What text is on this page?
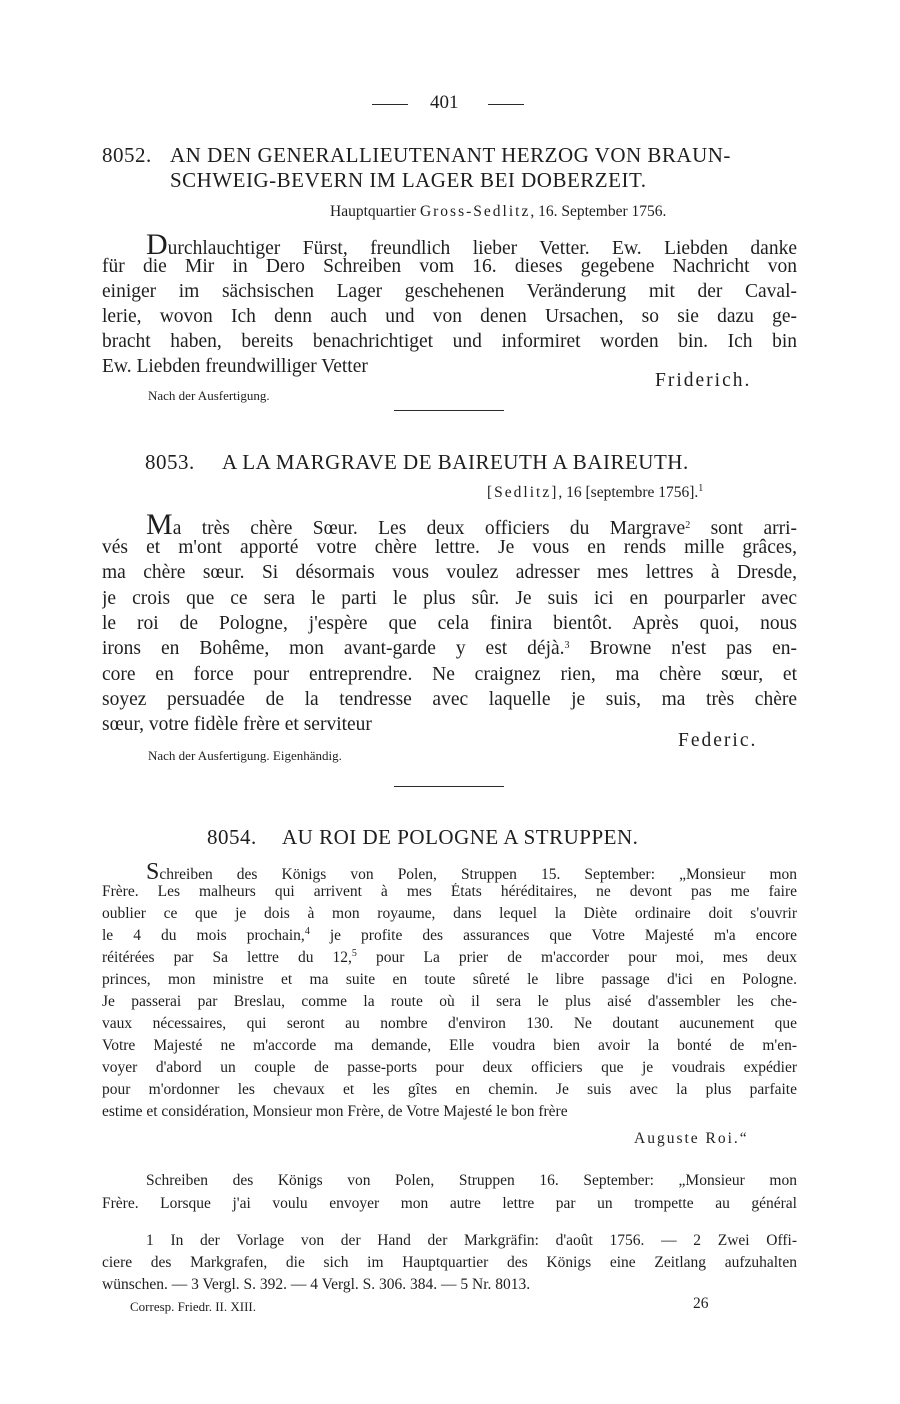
401
8052. AN DEN GENERALLIEUTENANT HERZOG VON BRAUN-
SCHWEIG-BEVERN IM LAGER BEI DOBERZEIT.
Hauptquartier Gross-Sedlitz, 16. September 1756.
Durchlauchtiger Fürst, freundlich lieber Vetter. Ew. Liebden danke
für die Mir in Dero Schreiben vom 16. dieses gegebene Nachricht von
einiger im sächsischen Lager geschehenen Veränderung mit der Caval-
lerie, wovon Ich denn auch und von denen Ursachen, so sie dazu ge-
bracht haben, bereits benachrichtiget und informiret worden bin. Ich bin
Ew. Liebden freundwilliger Vetter
Friderich.
Nach der Ausfertigung.
8053. A LA MARGRAVE DE BAIREUTH A BAIREUTH.
[Sedlitz], 16 [septembre 1756].$^1$
Ma très chère Sœur. Les deux officiers du Margrave$^2$ sont arri-
vés et m'ont apporté votre chère lettre. Je vous en rends mille grâces,
ma chère sœur. Si désormais vous voulez adresser mes lettres à Dresde,
je crois que ce sera le parti le plus sûr. Je suis ici en pourparler avec
le roi de Pologne, j'espère que cela finira bientôt. Après quoi, nous
irons en Bohême, mon avant-garde y est déjà.$^3$ Browne n'est pas en-
core en force pour entreprendre. Ne craignez rien, ma chère sœur, et
soyez persuadée de la tendresse avec laquelle je suis, ma très chère
sœur, votre fidèle frère et serviteur
Federic.
Nach der Ausfertigung. Eigenhändig.
8054. AU ROI DE POLOGNE A STRUPPEN.
Schreiben des Königs von Polen, Struppen 15. September: „Monsieur mon
Frère. Les malheurs qui arrivent à mes États héréditaires, ne devont pas me faire
oublier ce que je dois à mon royaume, dans lequel la Diète ordinaire doit s'ouvrir
le 4 du mois prochain,$^4$ je profite des assurances que Votre Majesté m'a encore
réitérées par Sa lettre du 12,$^5$ pour La prier de m'accorder pour moi, mes deux
princes, mon ministre et ma suite en toute sûreté le libre passage d'ici en Pologne.
Je passerai par Breslau, comme la route où il sera le plus aisé d'assembler les che-
vaux nécessaires, qui seront au nombre d'environ 130. Ne doutant aucunement que
Votre Majesté ne m'accorde ma demande, Elle voudra bien avoir la bonté de m'en-
voyer d'abord un couple de passe-ports pour deux officiers que je voudrais expédier
pour m'ordonner les chevaux et les gîtes en chemin. Je suis avec la plus parfaite
estime et considération, Monsieur mon Frère, de Votre Majesté le bon frère
Auguste Roi.“
Schreiben des Königs von Polen, Struppen 16. September: „Monsieur mon
Frère. Lorsque j'ai voulu envoyer mon autre lettre par un trompette au général
1 In der Vorlage von der Hand der Markgräfin: d'août 1756. — 2 Zwei Offi-
ciere des Markgrafen, die sich im Hauptquartier des Königs eine Zeitlang aufzuhalten
wünschen. — 3 Vergl. S. 392. — 4 Vergl. S. 306. 384. — 5 Nr. 8013.
Corresp. Friedr. II. XIII.	26
